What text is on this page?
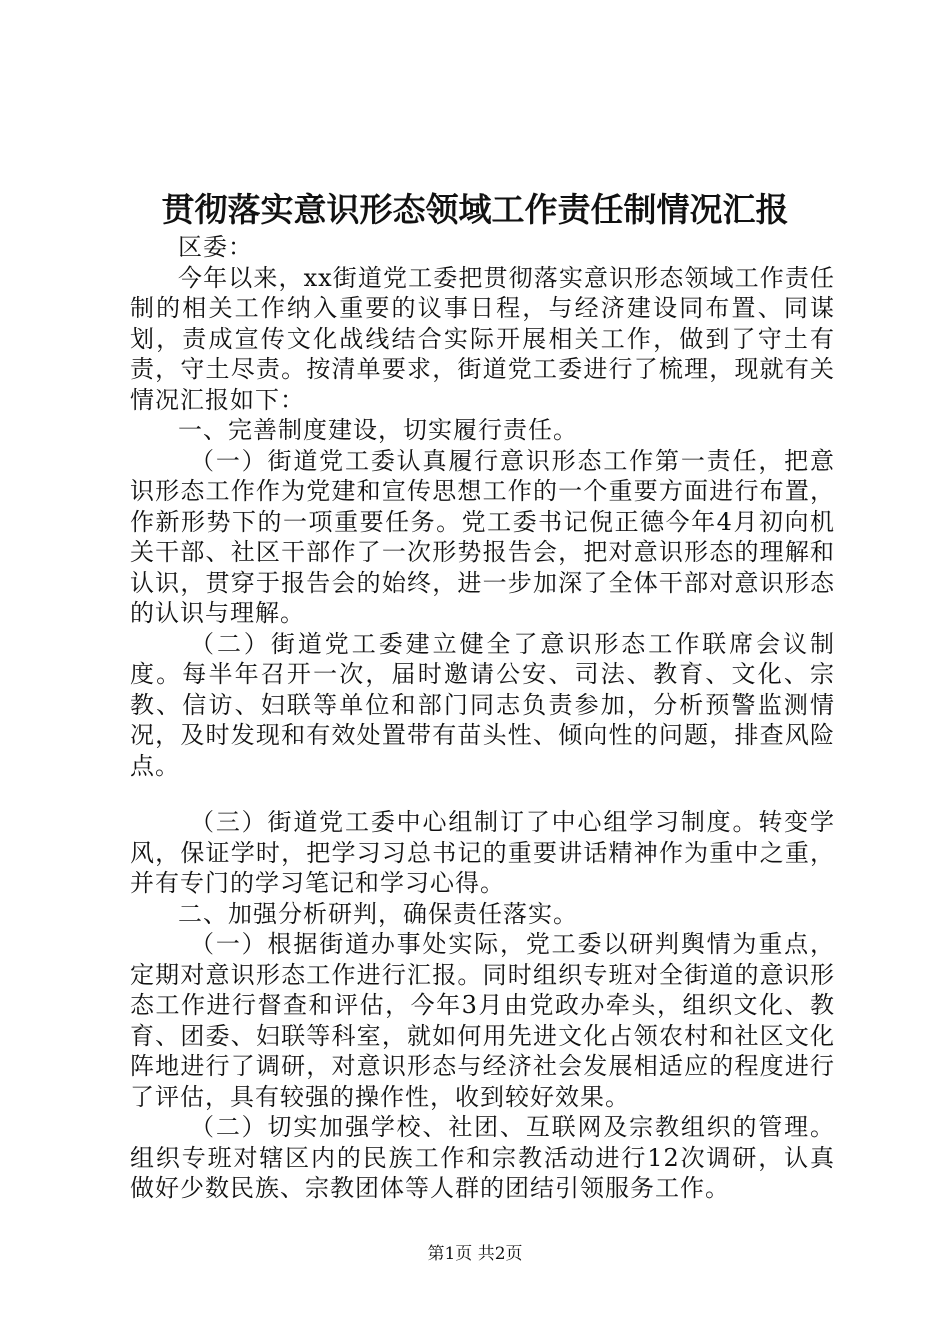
贯彻落实意识形态领域工作责任制情况汇报

区委：

今年以来，xx街道党工委把贯彻落实意识形态领域工作责任制的相关工作纳入重要的议事日程，与经济建设同布置、同谋划，责成宣传文化战线结合实际开展相关工作，做到了守土有责，守土尽责。按清单要求，街道党工委进行了梳理，现就有关情况汇报如下：

一、完善制度建设，切实履行责任。

（一）街道党工委认真履行意识形态工作第一责任，把意识形态工作作为党建和宣传思想工作的一个重要方面进行布置，作新形势下的一项重要任务。党工委书记倪正德今年4月初向机关干部、社区干部作了一次形势报告会，把对意识形态的理解和认识，贯穿于报告会的始终，进一步加深了全体干部对意识形态的认识与理解。

（二）街道党工委建立健全了意识形态工作联席会议制度。每半年召开一次，届时邀请公安、司法、教育、文化、宗教、信访、妇联等单位和部门同志负责参加，分析预警监测情况，及时发现和有效处置带有苗头性、倾向性的问题，排查风险点。

（三）街道党工委中心组制订了中心组学习制度。转变学风，保证学时，把学习习总书记的重要讲话精神作为重中之重，并有专门的学习笔记和学习心得。

二、加强分析研判，确保责任落实。

（一）根据街道办事处实际，党工委以研判舆情为重点，定期对意识形态工作进行汇报。同时组织专班对全街道的意识形态工作进行督查和评估，今年3月由党政办牵头，组织文化、教育、团委、妇联等科室，就如何用先进文化占领农村和社区文化阵地进行了调研，对意识形态与经济社会发展相适应的程度进行了评估，具有较强的操作性，收到较好效果。

（二）切实加强学校、社团、互联网及宗教组织的管理。组织专班对辖区内的民族工作和宗教活动进行12次调研，认真做好少数民族、宗教团体等人群的团结引领服务工作。

第1页 共2页
